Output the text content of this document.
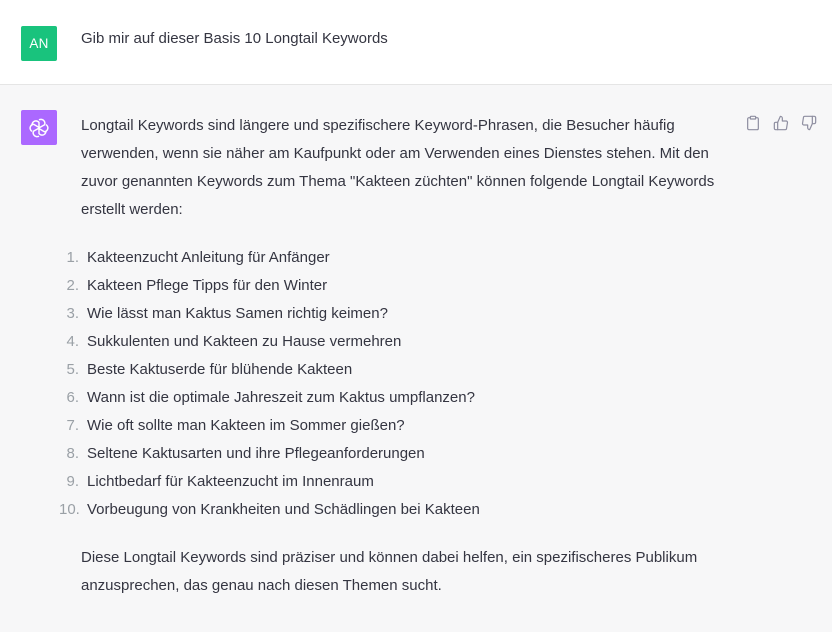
AN	Gib mir auf dieser Basis 10 Longtail Keywords

Longtail Keywords sind längere und spezifischere Keyword-Phrasen, die Besucher häufig verwenden, wenn sie näher am Kaufpunkt oder am Verwenden eines Dienstes stehen. Mit den zuvor genannten Keywords zum Thema "Kakteen züchten" können folgende Longtail Keywords erstellt werden:

1. Kakteenzucht Anleitung für Anfänger
2. Kakteen Pflege Tipps für den Winter
3. Wie lässt man Kaktus Samen richtig keimen?
4. Sukkulenten und Kakteen zu Hause vermehren
5. Beste Kaktuserde für blühende Kakteen
6. Wann ist die optimale Jahreszeit zum Kaktus umpflanzen?
7. Wie oft sollte man Kakteen im Sommer gießen?
8. Seltene Kaktusarten und ihre Pflegeanforderungen
9. Lichtbedarf für Kakteenzucht im Innenraum
10. Vorbeugung von Krankheiten und Schädlingen bei Kakteen

Diese Longtail Keywords sind präziser und können dabei helfen, ein spezifischeres Publikum anzusprechen, das genau nach diesen Themen sucht.
